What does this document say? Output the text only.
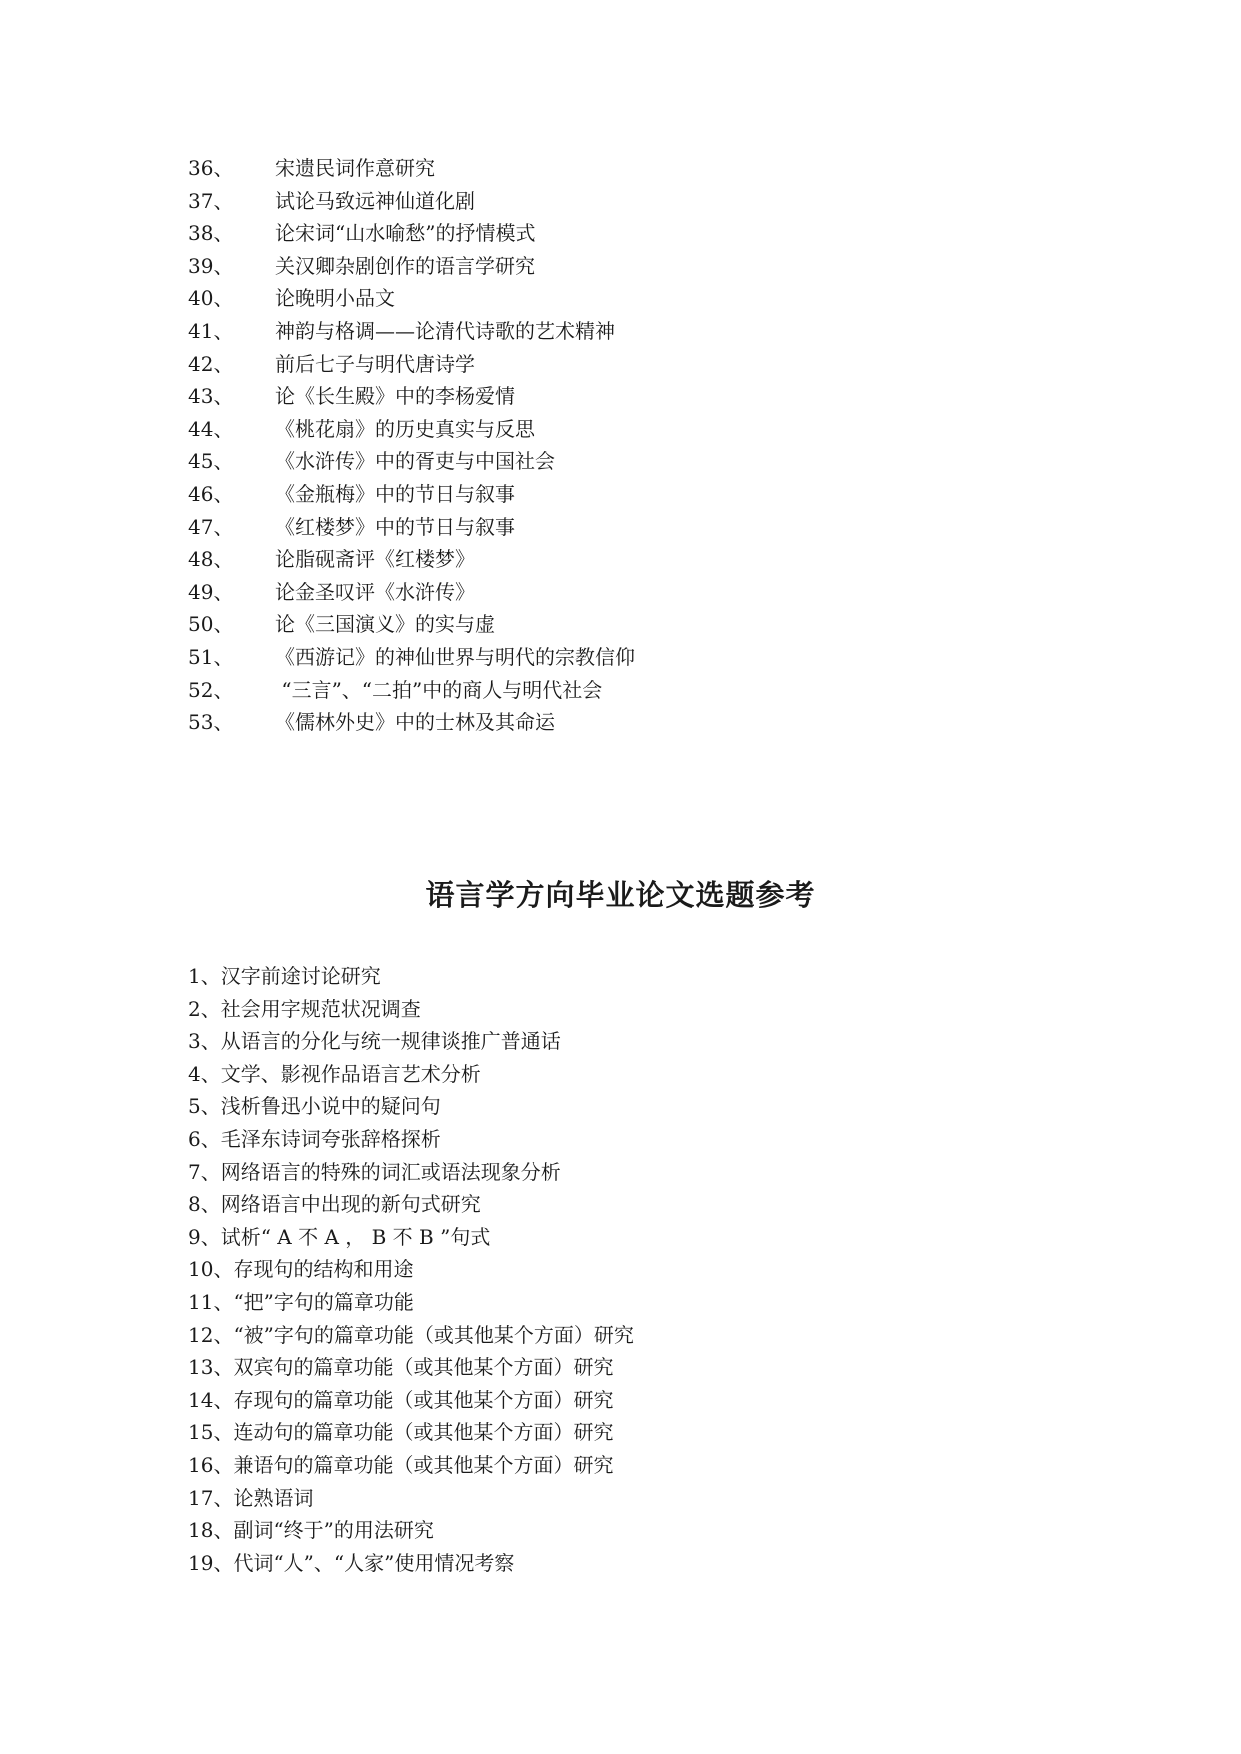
36、 宋遗民词作意研究
37、 试论马致远神仙道化剧
38、 论宋词“山水喻愁”的抒情模式
39、 关汉卿杂剧创作的语言学研究
40、 论晚明小品文
41、 神韵与格调——论清代诗歌的艺术精神
42、 前后七子与明代唐诗学
43、 论《长生殿》中的李杨爱情
44、 《桃花扇》的历史真实与反思
45、 《水浒传》中的胥吏与中国社会
46、 《金瓶梅》中的节日与叙事
47、 《红楼梦》中的节日与叙事
48、 论脂砚斋评《红楼梦》
49、 论金圣叹评《水浒传》
50、 论《三国演义》的实与虚
51、 《西游记》的神仙世界与明代的宗教信仰
52、 “三言”、“二拍”中的商人与明代社会
53、 《儒林外史》中的士林及其命运
语言学方向毕业论文选题参考
1、汉字前途讨论研究
2、社会用字规范状况调查
3、从语言的分化与统一规律谈推广普通话
4、文学、影视作品语言艺术分析
5、浅析鲁迅小说中的疑问句
6、毛泽东诗词夸张辞格探析
7、网络语言的特殊的词汇或语法现象分析
8、网络语言中出现的新句式研究
9、试析“ A 不 A ， B 不 B ”句式
10、存现句的结构和用途
11、“把”字句的篇章功能
12、“被”字句的篇章功能（或其他某个方面）研究
13、双宾句的篇章功能（或其他某个方面）研究
14、存现句的篇章功能（或其他某个方面）研究
15、连动句的篇章功能（或其他某个方面）研究
16、兼语句的篇章功能（或其他某个方面）研究
17、论熟语词
18、副词“终于”的用法研究
19、代词“人”、“人家”使用情况考察
